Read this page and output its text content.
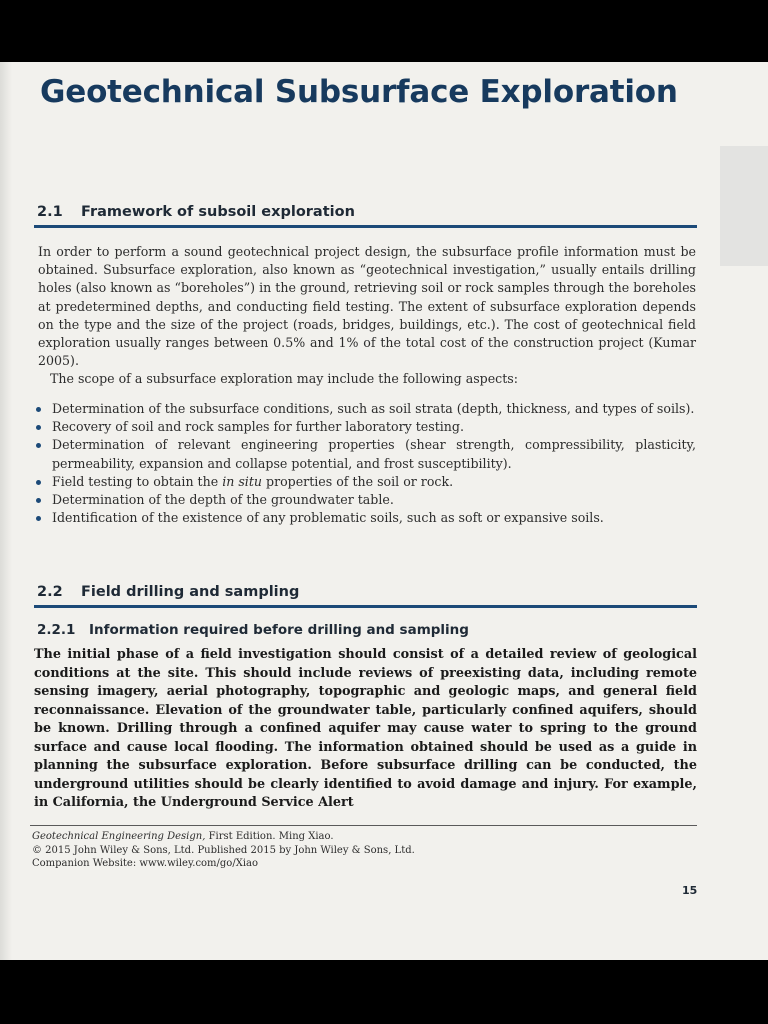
Geotechnical Subsurface Exploration
2.1 Framework of subsoil exploration

In order to perform a sound geotechnical project design, the subsurface profile information must be obtained. Subsurface exploration, also known as “geotechnical investigation,” usually entails drilling holes (also known as “boreholes”) in the ground, retrieving soil or rock samples through the boreholes at predetermined depths, and conducting field testing. The extent of subsurface exploration depends on the type and the size of the project (roads, bridges, buildings, etc.). The cost of geotechnical field exploration usually ranges between 0.5% and 1% of the total cost of the construction project (Kumar 2005).

The scope of a subsurface exploration may include the following aspects:

Determination of the subsurface conditions, such as soil strata (depth, thickness, and types of soils).
Recovery of soil and rock samples for further laboratory testing.
Determination of relevant engineering properties (shear strength, compressibility, plasticity, permeability, expansion and collapse potential, and frost susceptibility).
Field testing to obtain the in situ properties of the soil or rock.
Determination of the depth of the groundwater table.
Identification of the existence of any problematic soils, such as soft or expansive soils.
2.2 Field drilling and sampling
2.2.1 Information required before drilling and sampling

The initial phase of a field investigation should consist of a detailed review of geological conditions at the site. This should include reviews of preexisting data, including remote sensing imagery, aerial photography, topographic and geologic maps, and general field reconnaissance. Elevation of the groundwater table, particularly confined aquifers, should be known. Drilling through a confined aquifer may cause water to spring to the ground surface and cause local flooding. The information obtained should be used as a guide in planning the subsurface exploration. Before subsurface drilling can be conducted, the underground utilities should be clearly identified to avoid damage and injury. For example, in California, the Underground Service Alert

Geotechnical Engineering Design, First Edition. Ming Xiao.
© 2015 John Wiley & Sons, Ltd. Published 2015 by John Wiley & Sons, Ltd.
Companion Website: www.wiley.com/go/Xiao

15
